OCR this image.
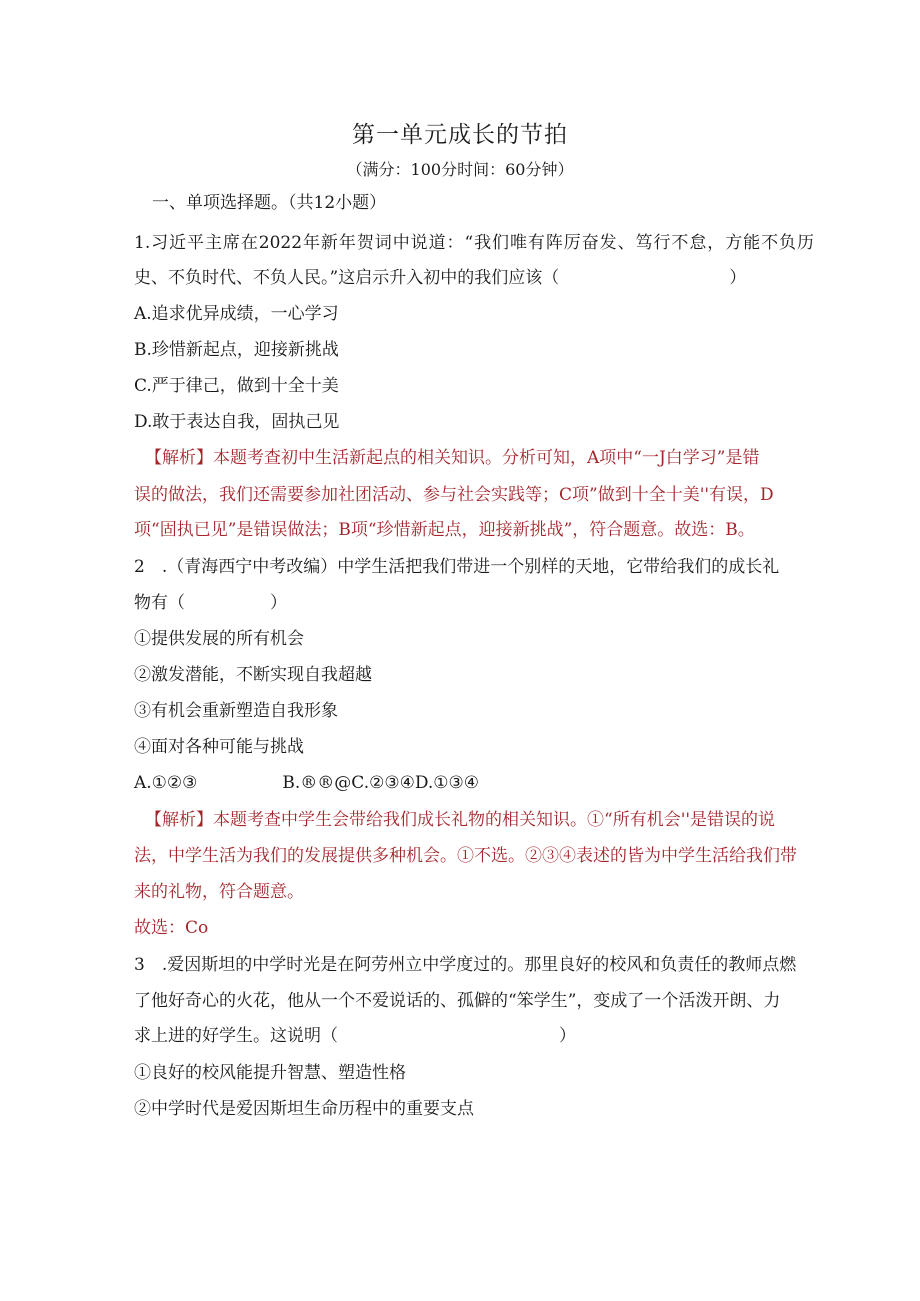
第一单元成长的节拍
（满分：100分时间：60分钟）
一、单项选择题。（共12小题）
1.习近平主席在2022年新年贺词中说道：“我们唯有阵厉奋发、笃行不怠，方能不负历
史、不负时代、不负人民。”这启示升入初中的我们应该（　　　　　　　　　　）
A.追求优异成绩，一心学习
B.珍惜新起点，迎接新挑战
C.严于律己，做到十全十美
D.敢于表达自我，固执己见
【解析】本题考查初中生活新起点的相关知识。分析可知，A项中“一J白学习”是错
误的做法，我们还需要参加社团活动、参与社会实践等；C项”做到十全十美''有误，D
项“固执已见”是错误做法；B项“珍惜新起点，迎接新挑战”，符合题意。故选：B。
2　.（青海西宁中考改编）中学生活把我们带进一个别样的天地，它带给我们的成长礼
物有（　　　　　）
①提供发展的所有机会
②激发潜能，不断实现自我超越
③有机会重新塑造自我形象
④面对各种可能与挑战
A.①②③　　　　　B.®®@C.②③④D.①③④
【解析】本题考查中学生会带给我们成长礼物的相关知识。①“所有机会''是错误的说
法，中学生活为我们的发展提供多种机会。①不选。②③④表述的皆为中学生活给我们带
来的礼物，符合题意。
故选：Co
3　.爱因斯坦的中学时光是在阿劳州立中学度过的。那里良好的校风和负责任的教师点燃
了他好奇心的火花，他从一个不爱说话的、孤僻的“笨学生”，变成了一个活泼开朗、力
求上进的好学生。这说明（　　　　　　　　　　　　　）
①良好的校风能提升智慧、塑造性格
②中学时代是爱因斯坦生命历程中的重要支点
